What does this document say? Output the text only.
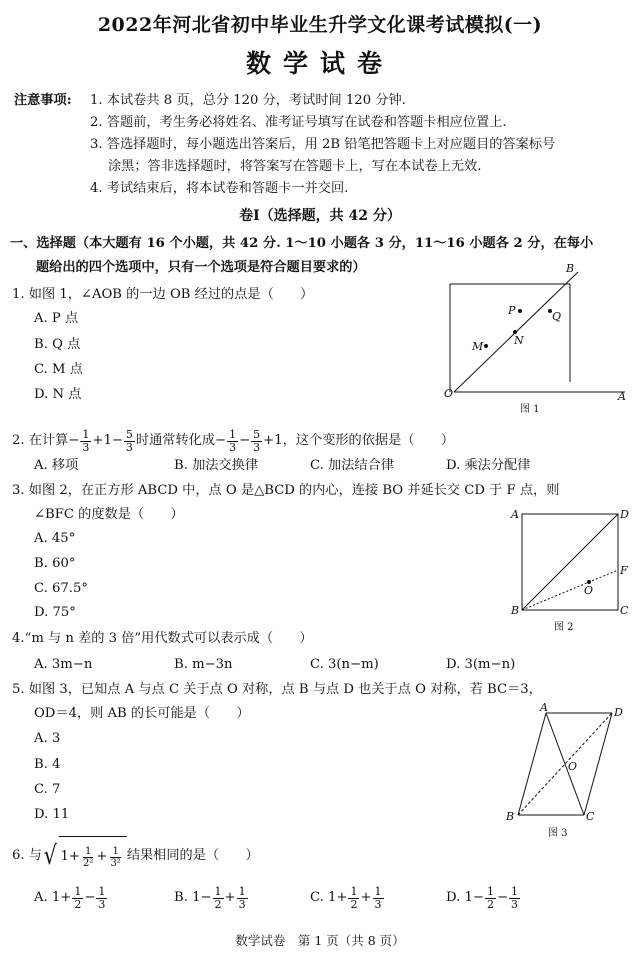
2022年河北省初中毕业生升学文化课考试模拟(一)
数学试卷
注意事项: 1. 本试卷共 8 页，总分 120 分，考试时间 120 分钟.
2. 答题前，考生务必将姓名、准考证号填写在试卷和答题卡相应位置上.
3. 答选择题时，每小题选出答案后，用 2B 铅笔把答题卡上对应题目的答案标号
涂黑；答非选择题时，将答案写在答题卡上，写在本试卷上无效.
4. 考试结束后，将本试卷和答题卡一并交回.
卷Ⅰ（选择题，共 42 分）
一、选择题（本大题有 16 个小题，共 42 分. 1～10 小题各 3 分，11～16 小题各 2 分，在每小
题给出的四个选项中，只有一个选项是符合题目要求的）
1. 如图 1，∠AOB 的一边 OB 经过的点是（　　）
A. P 点
B. Q 点
C. M 点
D. N 点
B
P	Q
N
M
O	A
图 1
2. 在计算− $\frac{1}{3} +1- \frac{5}{3}$ 时通常转化成− $\frac{1}{3} - \frac{5}{3} +1$，这个变形的依据是（　　）
A. 移项	B. 加法交换律	C. 加法结合律	D. 乘法分配律
3. 如图 2，在正方形 ABCD 中，点 O 是△BCD 的内心，连接 BO 并延长交 CD 于 F 点，则
∠BFC 的度数是（　　）
A. 45°
B. 60°
C. 67.5°
D. 75°
A	D
F
O
B	C
图 2
4.“m 与 n 差的 3 倍”用代数式可以表示成（　　）
A. 3m−n	B. m−3n	C. 3(n−m)	D. 3(m−n)
5. 如图 3，已知点 A 与点 C 关于点 O 对称，点 B 与点 D 也关于点 O 对称，若 BC＝3，
OD＝4，则 AB 的长可能是（　　）
A. 3
B. 4
C. 7
D. 11
A	D
O
B	C
图 3
6. 与 √ $1+ \frac{1}{\text{2²}} + \frac{1}{\text{3²}}$ 结果相同的是（　　）
A. $1+ \frac{1}{2} - \frac{1}{3}$	B. $1- \frac{1}{2} + \frac{1}{3}$	C. $1+ \frac{1}{2} + \frac{1}{3}$	D. $1- \frac{1}{2} - \frac{1}{3}$
数学试卷　第 1 页（共 8 页）
